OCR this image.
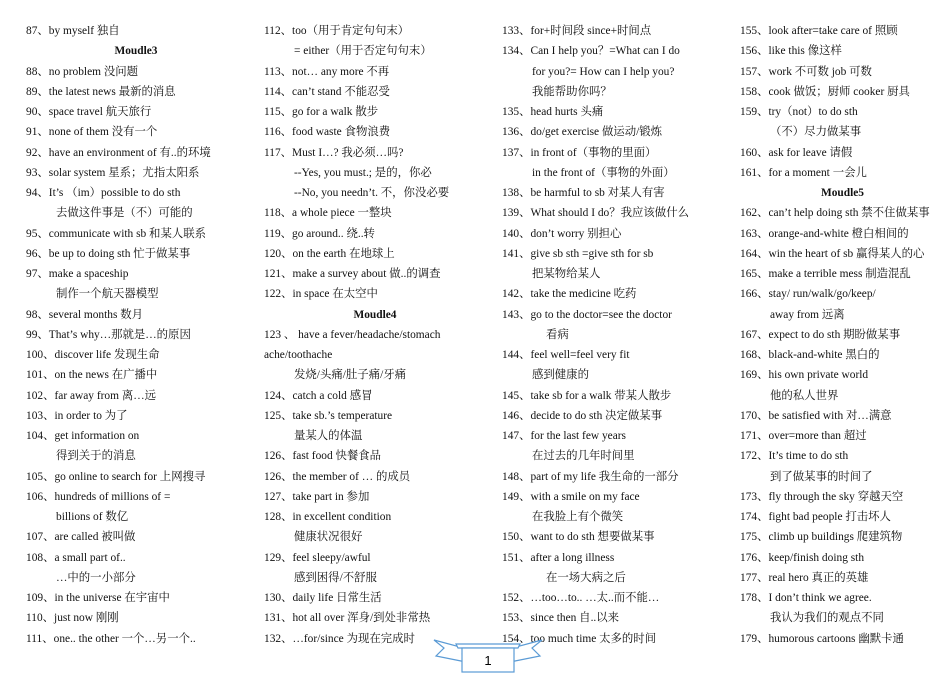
87、by myself 独自
Moudle3
88、no problem 没问题
89、the latest news 最新的消息
90、space travel 航天旅行
91、none of them 没有一个
92、have an environment of 有..的环境
93、solar system 星系；尤指太阳系
94、It’s （im）possible to do sth
去做这件事是（不）可能的
95、communicate with sb 和某人联系
96、be up to doing sth 忙于做某事
97、make a spaceship
制作一个航天器模型
98、several months 数月
99、That’s why…那就是…的原因
100、discover life 发现生命
101、on the news 在广播中
102、far away from 离…远
103、in order to 为了
104、get information on
得到关于的消息
105、go online to search for 上网搜寻
106、hundreds of millions of =
billions of 数亿
107、are called 被叫做
108、a small part of..
…中的一小部分
109、in the universe 在宇宙中
110、just now 刚刚
111、one.. the other 一个…另一个..
112、too（用于肯定句句末）
= either（用于否定句句末）
113、not… any more 不再
114、can’t stand 不能忍受
115、go for a walk 散步
116、food waste 食物浪费
117、Must I…? 我必须…吗?
--Yes, you must.; 是的，你必
--No, you needn’t. 不，你没必要
118、a whole piece 一整块
119、go around.. 绕..转
120、on the earth 在地球上
121、make a survey about 做..的调查
122、in space 在太空中
Moudle4
123 、 have a fever/headache/stomach
ache/toothache
发烧/头痛/肚子痛/牙痛
124、catch a cold 感冒
125、take sb.’s temperature
量某人的体温
126、fast food 快餐食品
126、the member of … 的成员
127、take part in 参加
128、in excellent condition
健康状况很好
129、feel sleepy/awful
感到困得/不舒服
130、daily life 日常生活
131、hot all over 浑身/到处非常热
132、…for/since 为现在完成时
133、for+时间段 since+时间点
134、Can I help you？=What can I do
for you?= How can I help you?
我能帮助你吗？
135、head hurts 头痛
136、do/get exercise 做运动/锻炼
137、in front of（事物的里面）
in the front of（事物的外面）
138、be harmful to sb 对某人有害
139、What should I do？我应该做什么
140、don’t worry 别担心
141、give sb sth =give sth for sb
把某物给某人
142、take the medicine 吃药
143、go to the doctor=see the doctor
看病
144、feel well=feel very fit
感到健康的
145、take sb for a walk 带某人散步
146、decide to do sth 决定做某事
147、for the last few years
在过去的几年时间里
148、part of my life 我生命的一部分
149、with a smile on my face
在我脸上有个微笑
150、want to do sth 想要做某事
151、after a long illness
在一场大病之后
152、…too…to.. …太..而不能…
153、since then 自..以来
154、too much time 太多的时间
155、look after=take care of 照顾
156、like this 像这样
157、work 不可数 job 可数
158、cook 做饭；厨师 cooker 厨具
159、try（not）to do sth
（不）尽力做某事
160、ask for leave 请假
161、for a moment 一会儿
Moudle5
162、can’t help doing sth 禁不住做某事
163、orange-and-white 橙白相间的
164、win the heart of sb 赢得某人的心
165、make a terrible mess 制造混乱
166、stay/ run/walk/go/keep/
away from 远离
167、expect to do sth 期盼做某事
168、black-and-white 黑白的
169、his own private world
他的私人世界
170、be satisfied with 对…满意
171、over=more than 超过
172、It’s time to do sth
到了做某事的时间了
173、fly through the sky 穿越天空
174、fight bad people 打击坏人
175、climb up buildings 爬建筑物
176、keep/finish doing sth
177、real hero 真正的英雄
178、I don’t think we agree.
我认为我们的观点不同
179、humorous cartoons 幽默卡通
1
